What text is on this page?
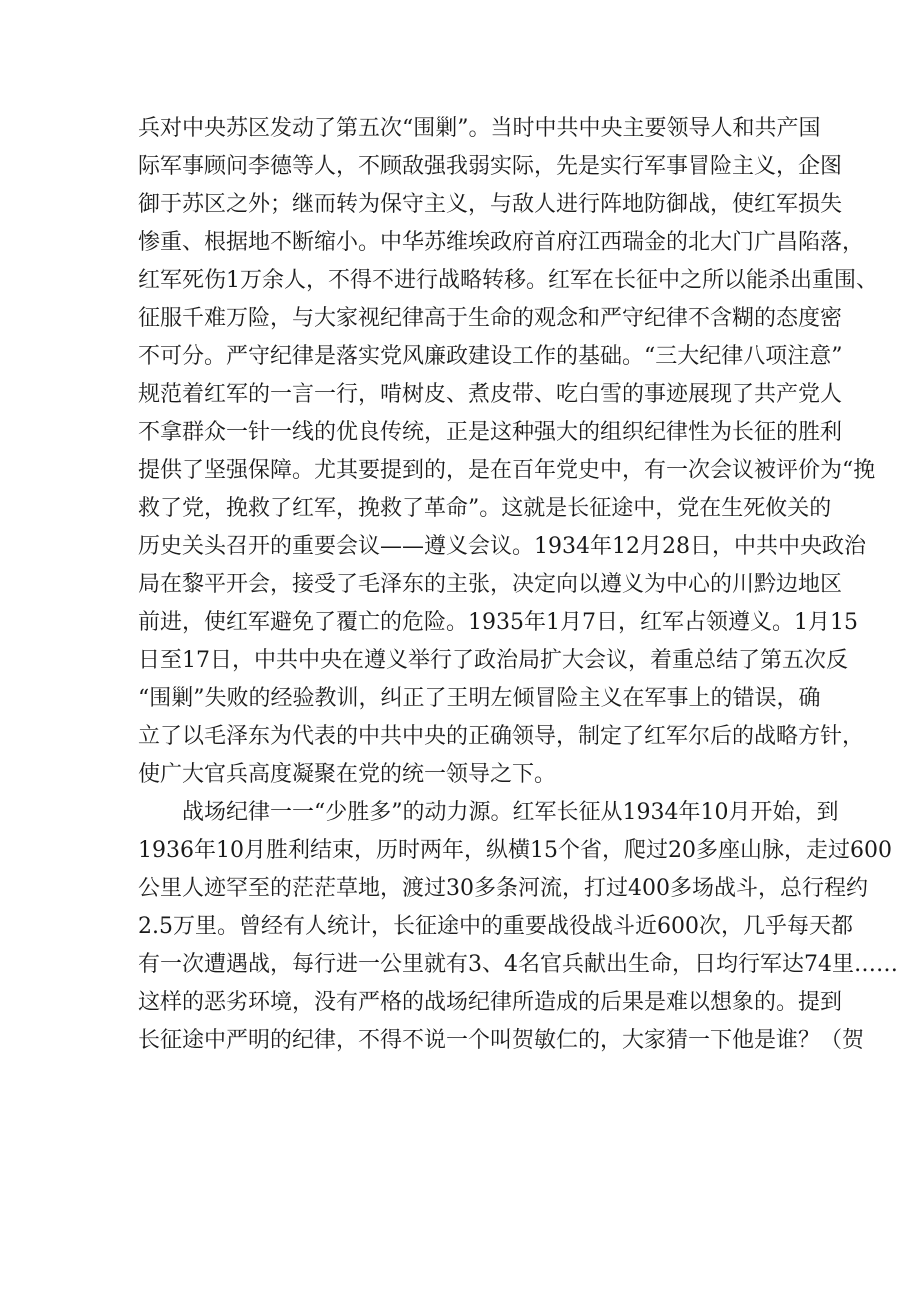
兵对中央苏区发动了第五次“围剿”。当时中共中央主要领导人和共产国
际军事顾问李德等人，不顾敌强我弱实际，先是实行军事冒险主义，企图
御于苏区之外；继而转为保守主义，与敌人进行阵地防御战，使红军损失
惨重、根据地不断缩小。中华苏维埃政府首府江西瑞金的北大门广昌陷落，
红军死伤1万余人，不得不进行战略转移。红军在长征中之所以能杀出重围、
征服千难万险，与大家视纪律高于生命的观念和严守纪律不含糊的态度密
不可分。严守纪律是落实党风廉政建设工作的基础。“三大纪律八项注意”
规范着红军的一言一行，啃树皮、煮皮带、吃白雪的事迹展现了共产党人
不拿群众一针一线的优良传统，正是这种强大的组织纪律性为长征的胜利
提供了坚强保障。尤其要提到的，是在百年党史中，有一次会议被评价为“挽
救了党，挽救了红军，挽救了革命”。这就是长征途中，党在生死攸关的
历史关头召开的重要会议——遵义会议。1934年12月28日，中共中央政治
局在黎平开会，接受了毛泽东的主张，决定向以遵义为中心的川黔边地区
前进，使红军避免了覆亡的危险。1935年1月7日，红军占领遵义。1月15
日至17日，中共中央在遵义举行了政治局扩大会议，着重总结了第五次反
“围剿”失败的经验教训，纠正了王明左倾冒险主义在军事上的错误，确
立了以毛泽东为代表的中共中央的正确领导，制定了红军尔后的战略方针，
使广大官兵高度凝聚在党的统一领导之下。
战场纪律一一“少胜多”的动力源。红军长征从1934年10月开始，到
1936年10月胜利结束，历时两年，纵横15个省，爬过20多座山脉，走过600
公里人迹罕至的茫茫草地，渡过30多条河流，打过400多场战斗，总行程约
2.5万里。曾经有人统计，长征途中的重要战役战斗近600次，几乎每天都
有一次遭遇战，每行进一公里就有3、4名官兵献出生命，日均行军达74里……
这样的恶劣环境，没有严格的战场纪律所造成的后果是难以想象的。提到
长征途中严明的纪律，不得不说一个叫贺敏仁的，大家猜一下他是谁？（贺
